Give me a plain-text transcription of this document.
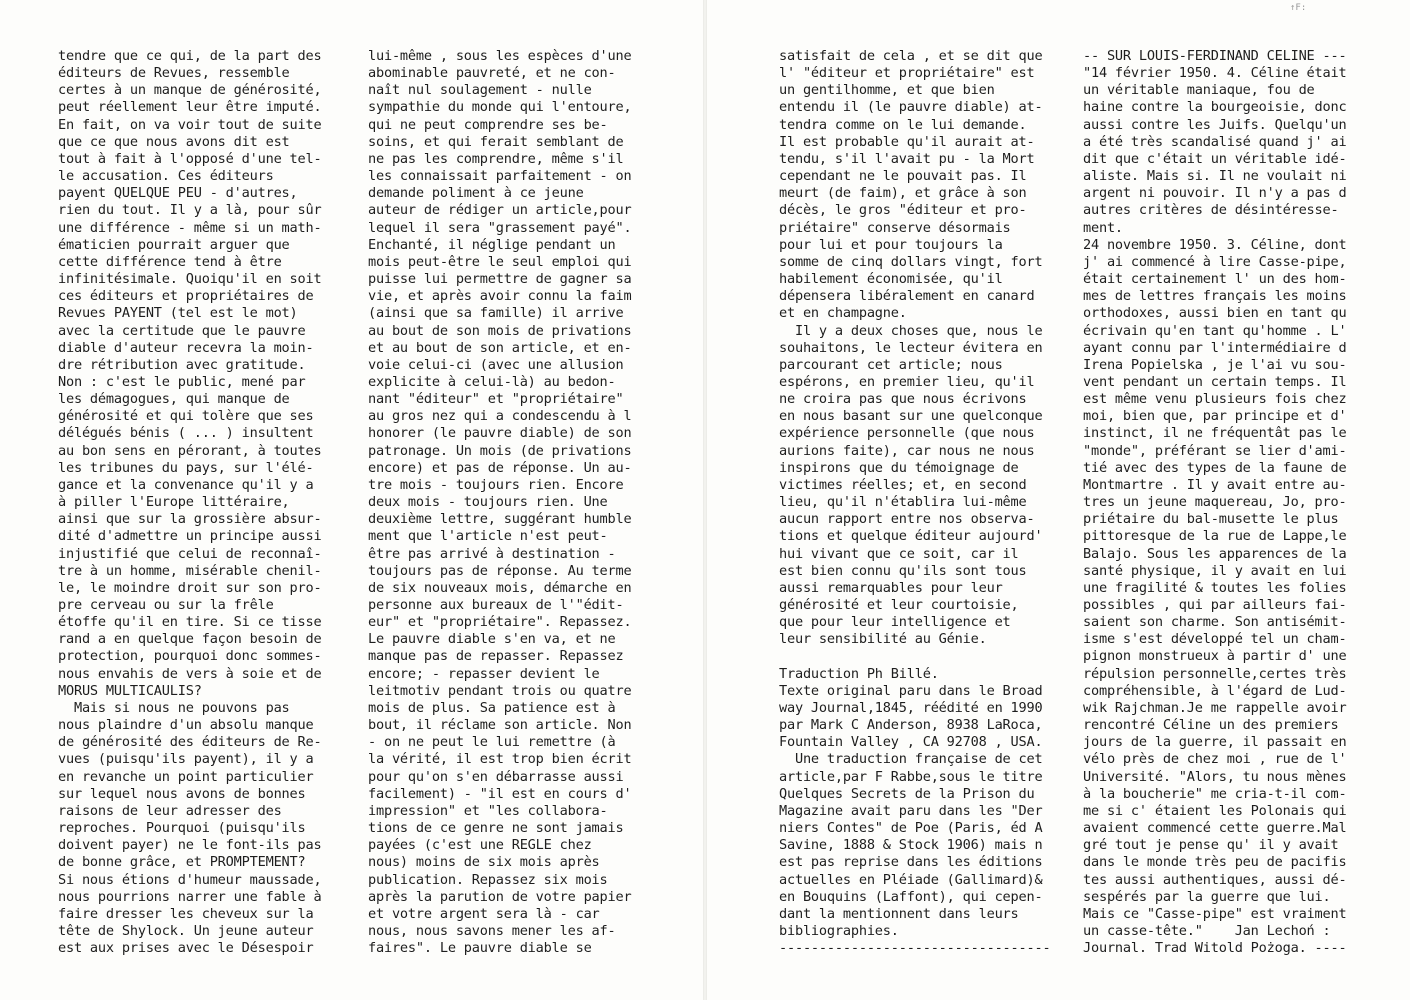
tendre que ce qui, de la part des
éditeurs de Revues, ressemble
certes à un manque de générosité,
peut réellement leur être imputé.
En fait, on va voir tout de suite
que ce que nous avons dit est
tout à fait à l'opposé d'une tel-
le accusation. Ces éditeurs
payent QUELQUE PEU - d'autres,
rien du tout. Il y a là, pour sûr
une différence - même si un math-
ématicien pourrait arguer que
cette différence tend à être
infinitésimale. Quoiqu'il en soit
ces éditeurs et propriétaires de
Revues PAYENT (tel est le mot)
avec la certitude que le pauvre
diable d'auteur recevra la moin-
dre rétribution avec gratitude.
Non : c'est le public, mené par
les démagogues, qui manque de
générosité et qui tolère que ses
délégués bénis ( ... ) insultent
au bon sens en pérorant, à toutes
les tribunes du pays, sur l'élé-
gance et la convenance qu'il y a
à piller l'Europe littéraire,
ainsi que sur la grossière absur-
dité d'admettre un principe aussi
injustifié que celui de reconnaî-
tre à un homme, misérable chenil-
le, le moindre droit sur son pro-
pre cerveau ou sur la frêle
étoffe qu'il en tire. Si ce tisse
rand a en quelque façon besoin de
protection, pourquoi donc sommes-
nous envahis de vers à soie et de
MORUS MULTICAULIS?
Mais si nous ne pouvons pas
nous plaindre d'un absolu manque
de générosité des éditeurs de Re-
vues (puisqu'ils payent), il y a
en revanche un point particulier
sur lequel nous avons de bonnes
raisons de leur adresser des
reproches. Pourquoi (puisqu'ils
doivent payer) ne le font-ils pas
de bonne grâce, et PROMPTEMENT?
Si nous étions d'humeur maussade,
nous pourrions narrer une fable à
faire dresser les cheveux sur la
tête de Shylock. Un jeune auteur
est aux prises avec le Désespoir
lui-même , sous les espèces d'une
abominable pauvreté, et ne con-
naît nul soulagement - nulle
sympathie du monde qui l'entoure,
qui ne peut comprendre ses be-
soins, et qui ferait semblant de
ne pas les comprendre, même s'il
les connaissait parfaitement - on
demande poliment à ce jeune
auteur de rédiger un article,pour
lequel il sera "grassement payé".
Enchanté, il néglige pendant un
mois peut-être le seul emploi qui
puisse lui permettre de gagner sa
vie, et après avoir connu la faim
(ainsi que sa famille) il arrive
au bout de son mois de privations
et au bout de son article, et en-
voie celui-ci (avec une allusion
explicite à celui-là) au bedon-
nant "éditeur" et "propriétaire"
au gros nez qui a condescendu à l
honorer (le pauvre diable) de son
patronage. Un mois (de privations
encore) et pas de réponse. Un au-
tre mois - toujours rien. Encore
deux mois - toujours rien. Une
deuxième lettre, suggérant humble
ment que l'article n'est peut-
être pas arrivé à destination -
toujours pas de réponse. Au terme
de six nouveaux mois, démarche en
personne aux bureaux de l'"édit-
eur" et "propriétaire". Repassez.
Le pauvre diable s'en va, et ne
manque pas de repasser. Repassez
encore; - repasser devient le
leitmotiv pendant trois ou quatre
mois de plus. Sa patience est à
bout, il réclame son article. Non
- on ne peut le lui remettre (à
la vérité, il est trop bien écrit
pour qu'on s'en débarrasse aussi
facilement) - "il est en cours d'
impression" et "les collabora-
tions de ce genre ne sont jamais
payées (c'est une REGLE chez
nous) moins de six mois après
publication. Repassez six mois
après la parution de votre papier
et votre argent sera là - car
nous, nous savons mener les af-
faires". Le pauvre diable se
↑F:
satisfait de cela , et se dit que
l' "éditeur et propriétaire" est
un gentilhomme, et que bien
entendu il (le pauvre diable) at-
tendra comme on le lui demande.
Il est probable qu'il aurait at-
tendu, s'il l'avait pu - la Mort
cependant ne le pouvait pas. Il
meurt (de faim), et grâce à son
décès, le gros "éditeur et pro-
priétaire" conserve désormais
pour lui et pour toujours la
somme de cinq dollars vingt, fort
habilement économisée, qu'il
dépensera libéralement en canard
et en champagne.
Il y a deux choses que, nous le
souhaitons, le lecteur évitera en
parcourant cet article; nous
espérons, en premier lieu, qu'il
ne croira pas que nous écrivons
en nous basant sur une quelconque
expérience personnelle (que nous
aurions faite), car nous ne nous
inspirons que du témoignage de
victimes réelles; et, en second
lieu, qu'il n'établira lui-même
aucun rapport entre nos observa-
tions et quelque éditeur aujourd'
hui vivant que ce soit, car il
est bien connu qu'ils sont tous
aussi remarquables pour leur
générosité et leur courtoisie,
que pour leur intelligence et
leur sensibilité au Génie.

Traduction Ph Billé.
Texte original paru dans le Broad
way Journal,1845, réédité en 1990
par Mark C Anderson, 8938 LaRoca,
Fountain Valley , CA 92708 , USA.
Une traduction française de cet
article,par F Rabbe,sous le titre
Quelques Secrets de la Prison du
Magazine avait paru dans les "Der
niers Contes" de Poe (Paris, éd A
Savine, 1888 & Stock 1906) mais n
est pas reprise dans les éditions
actuelles en Pléiade (Gallimard)&
en Bouquins (Laffont), qui cepen-
dant la mentionnent dans leurs
bibliographies.
----------------------------------
-- SUR LOUIS-FERDINAND CELINE ---
"14 février 1950. 4. Céline était
un véritable maniaque, fou de
haine contre la bourgeoisie, donc
aussi contre les Juifs. Quelqu'un
a été très scandalisé quand j' ai
dit que c'était un véritable idé-
aliste. Mais si. Il ne voulait ni
argent ni pouvoir. Il n'y a pas d
autres critères de désintéresse-
ment.
24 novembre 1950. 3. Céline, dont
j' ai commencé à lire Casse-pipe,
était certainement l' un des hom-
mes de lettres français les moins
orthodoxes, aussi bien en tant qu
écrivain qu'en tant qu'homme . L'
ayant connu par l'intermédiaire d
Irena Popielska , je l'ai vu sou-
vent pendant un certain temps. Il
est même venu plusieurs fois chez
moi, bien que, par principe et d'
instinct, il ne fréquentât pas le
"monde", préférant se lier d'ami-
tié avec des types de la faune de
Montmartre . Il y avait entre au-
tres un jeune maquereau, Jo, pro-
priétaire du bal-musette le plus
pittoresque de la rue de Lappe,le
Balajo. Sous les apparences de la
santé physique, il y avait en lui
une fragilité & toutes les folies
possibles , qui par ailleurs fai-
saient son charme. Son antisémit-
isme s'est développé tel un cham-
pignon monstrueux à partir d' une
répulsion personnelle,certes très
compréhensible, à l'égard de Lud-
wik Rajchman.Je me rappelle avoir
rencontré Céline un des premiers
jours de la guerre, il passait en
vélo près de chez moi , rue de l'
Université. "Alors, tu nous mènes
à la boucherie" me cria-t-il com-
me si c' étaient les Polonais qui
avaient commencé cette guerre.Mal
gré tout je pense qu' il y avait
dans le monde très peu de pacifis
tes aussi authentiques, aussi dé-
sespérés par la guerre que lui.
Mais ce "Casse-pipe" est vraiment
un casse-tête."    Jan Lechoń :
Journal. Trad Witold Pożoga. ----
